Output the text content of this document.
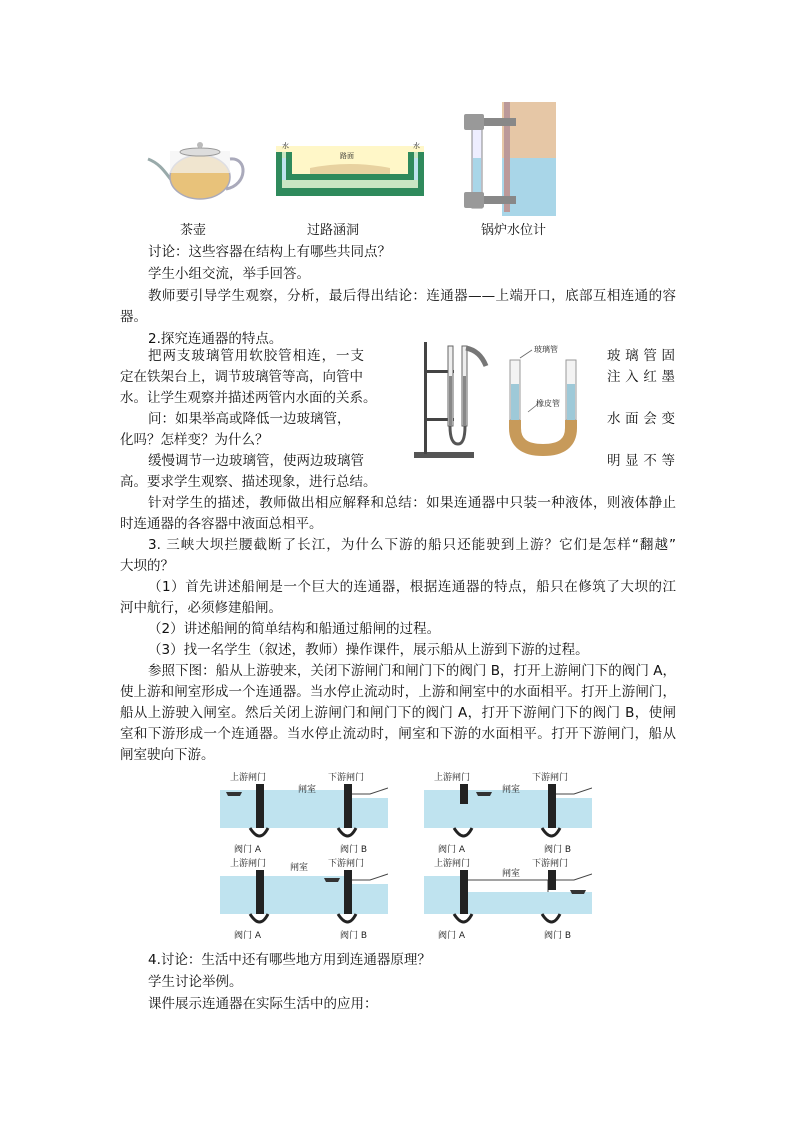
茶壶
水
路面
水
过路涵洞	锅炉水位计
讨论：这些容器在结构上有哪些共同点？
学生小组交流，举手回答。
教师要引导学生观察，分析，最后得出结论：连通器——上端开口，底部互相连通的容
器。
2.探究连通器的特点。
把两支玻璃管用软胶管相连，一支	玻璃管固
定在铁架台上，调节玻璃管等高，向管中	注入红墨
水。让学生观察并描述两管内水面的关系。
问：如果举高或降低一边玻璃管，	水面会变
化吗？怎样变？为什么？
缓慢调节一边玻璃管，使两边玻璃管	明显不等
高。要求学生观察、描述现象，进行总结。
玻璃管
橡皮管
针对学生的描述，教师做出相应解释和总结：如果连通器中只装一种液体，则液体静止
时连通器的各容器中液面总相平。
3. 三峡大坝拦腰截断了长江，为什么下游的船只还能驶到上游？它们是怎样“翻越”
大坝的？
（1）首先讲述船闸是一个巨大的连通器，根据连通器的特点，船只在修筑了大坝的江
河中航行，必须修建船闸。
（2）讲述船闸的简单结构和船通过船闸的过程。
（3）找一名学生（叙述，教师）操作课件，展示船从上游到下游的过程。
参照下图：船从上游驶来，关闭下游闸门和闸门下的阀门 B，打开上游闸门下的阀门 A，
使上游和闸室形成一个连通器。当水停止流动时，上游和闸室中的水面相平。打开上游闸门，
船从上游驶入闸室。然后关闭上游闸门和闸门下的阀门 A，打开下游闸门下的阀门 B，使闸
室和下游形成一个连通器。当水停止流动时，闸室和下游的水面相平。打开下游闸门，船从
闸室驶向下游。
上游闸门
闸室
下游闸门
阀门 A	阀门 B
上游闸门
闸室
下游闸门
阀门 A	阀门 B
上游闸门	闸室 下游闸门
阀门 A	阀门 B
上游闸门
闸室
下游闸门
阀门 A	阀门 B
4.讨论：生活中还有哪些地方用到连通器原理？
学生讨论举例。
课件展示连通器在实际生活中的应用：
